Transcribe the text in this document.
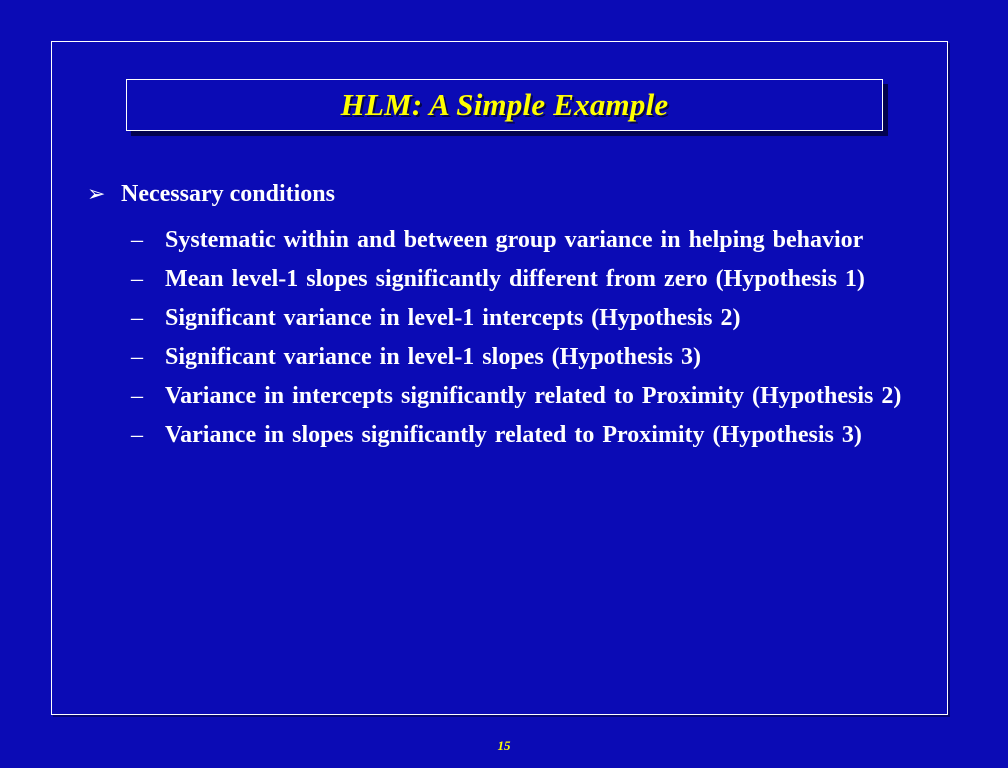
HLM: A Simple Example
➢ Necessary conditions
– Systematic within and between group variance in helping behavior
– Mean level-1 slopes significantly different from zero (Hypothesis 1)
– Significant variance in level-1 intercepts (Hypothesis 2)
– Significant variance in level-1 slopes (Hypothesis 3)
– Variance in intercepts significantly related to Proximity (Hypothesis 2)
– Variance in slopes significantly related to Proximity (Hypothesis 3)
15
